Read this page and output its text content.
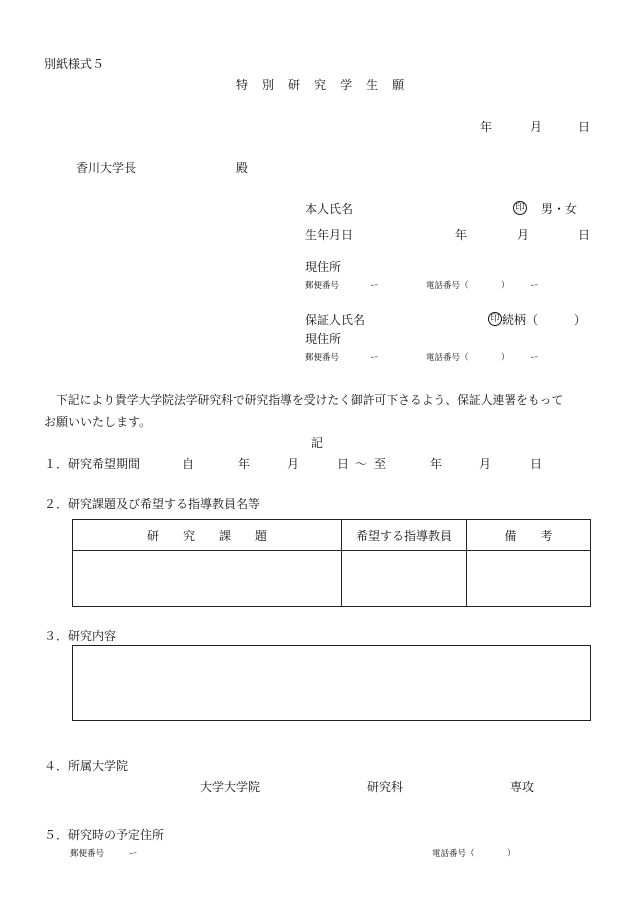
別紙様式５
特 別 研 究 学 生 願
年	月	日
香川大学長	殿
本人氏名	印 男・女
生年月日	年	月	日
現住所
郵便番号	ー	電話番号（	） ー
保証人氏名	印 続柄（　　　）
現住所
郵便番号	ー	電話番号（	） ー
下記により貴学大学院法学研究科で研究指導を受けたく御許可下さるよう、保証人連署をもって
お願いいたします。
記
１．研究希望期間	自	年	月	日 ～ 至	年	月	日
２．研究課題及び希望する指導教員名等
研　　究　　課　　題	希望する指導教員	備　　考

３．研究内容
４．所属大学院
大学大学院	研究科	専攻
５．研究時の予定住所
郵便番号	ー	電話番号（	）
